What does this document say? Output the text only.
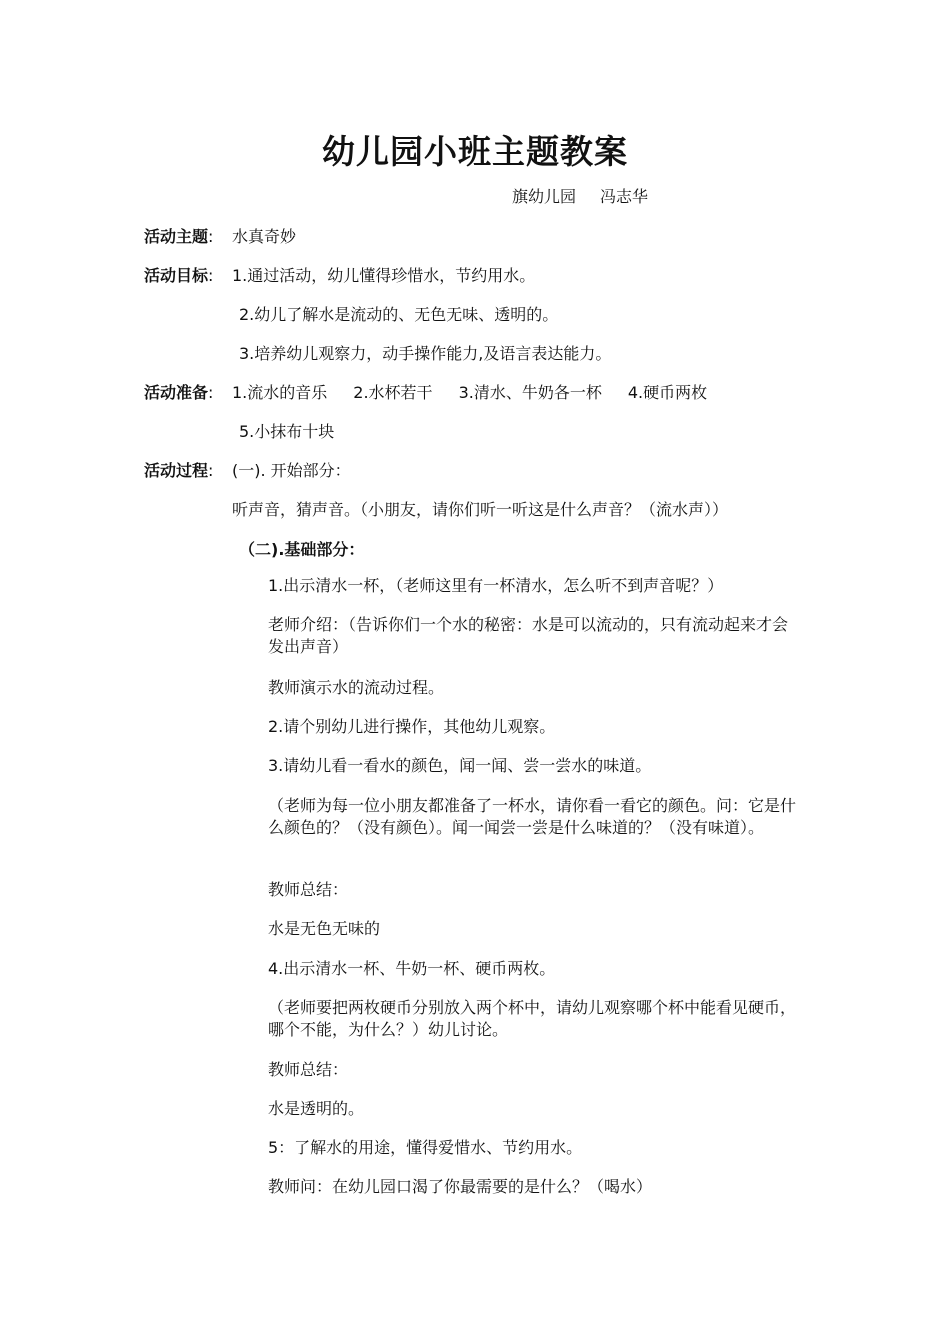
幼儿园小班主题教案
旗幼儿园 冯志华
活动主题: 水真奇妙
活动目标: 1.通过活动，幼儿懂得珍惜水，节约用水。
2.幼儿了解水是流动的、无色无味、透明的。
3.培养幼儿观察力，动手操作能力,及语言表达能力。
活动准备: 1.流水的音乐 2.水杯若干 3.清水、牛奶各一杯 4.硬币两枚
5.小抹布十块
活动过程: (一). 开始部分：
听声音，猜声音。（小朋友，请你们听一听这是什么声音？（流水声））
（二).基础部分：
1.出示清水一杯，（老师这里有一杯清水，怎么听不到声音呢？）
老师介绍：（告诉你们一个水的秘密：水是可以流动的，只有流动起来才会发出声音）
教师演示水的流动过程。
2.请个别幼儿进行操作，其他幼儿观察。
3.请幼儿看一看水的颜色，闻一闻、尝一尝水的味道。
（老师为每一位小朋友都准备了一杯水，请你看一看它的颜色。问：它是什么颜色的？（没有颜色）。闻一闻尝一尝是什么味道的？（没有味道）。
教师总结：
水是无色无味的
4.出示清水一杯、牛奶一杯、硬币两枚。
（老师要把两枚硬币分别放入两个杯中，请幼儿观察哪个杯中能看见硬币，哪个不能，为什么？）幼儿讨论。
教师总结：
水是透明的。
5：了解水的用途，懂得爱惜水、节约用水。
教师问：在幼儿园口渴了你最需要的是什么？（喝水）
